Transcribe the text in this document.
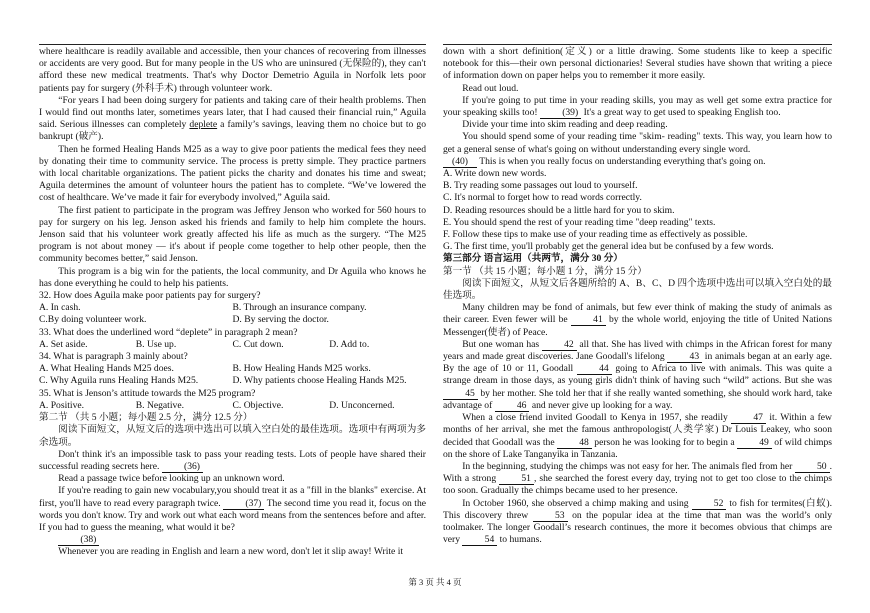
where healthcare is readily available and accessible, then your chances of recovering from illnesses or accidents are very good. But for many people in the US who are uninsured (无保险的), they can't afford these new medical treatments. That's why Doctor Demetrio Aguila in Norfolk lets poor patients pay for surgery (外科手术) through volunteer work.

“For years I had been doing surgery for patients and taking care of their health problems. Then I would find out months later, sometimes years later, that I had caused their financial ruin,” Aguila said. Serious illnesses can completely deplete a family’s savings, leaving them no choice but to go bankrupt (破产).

Then he formed Healing Hands M25 as a way to give poor patients the medical fees they need by donating their time to community service. The process is pretty simple. They practice partners with local charitable organizations. The patient picks the charity and donates his time and sweat; Aguila determines the amount of volunteer hours the patient has to complete. “We’ve lowered the cost of healthcare. We’ve made it fair for everybody involved,” Aguila said.

The first patient to participate in the program was Jeffrey Jenson who worked for 560 hours to pay for surgery on his leg. Jenson asked his friends and family to help him complete the hours. Jenson said that his volunteer work greatly affected his life as much as the surgery. “The M25 program is not about money — it's about if people come together to help other people, then the community becomes better,” said Jenson.

This program is a big win for the patients, the local community, and Dr Aguila who knows he has done everything he could to help his patients.

32. How does Aguila make poor patients pay for surgery?

A. In cash.	B. Through an insurance company.
C.By doing volunteer work.	D. By serving the doctor.

33. What does the underlined word “deplete” in paragraph 2 mean?

A. Set aside.	B. Use up.	C. Cut down.	D. Add to.

34. What is paragraph 3 mainly about?

A. What Healing Hands M25 does.	B. How Healing Hands M25 works.
C. Why Aguila runs Healing Hands M25.	D. Why patients choose Healing Hands M25.

35. What is Jenson’s attitude towards the M25 program?

A. Positive.	B. Negative.	C. Objective.	D. Unconcerned.

第二节 （共 5 小题；每小题 2.5 分，满分 12.5 分）

阅读下面短文，从短文后的选项中选出可以填入空白处的最佳选项。选项中有两项为多余选项。

Don't think it's an impossible task to pass your reading tests. Lots of people have shared their successful reading secrets here. (36)

Read a passage twice before looking up an unknown word.

If you're reading to gain new vocabulary,you should treat it as a "fill in the blanks" exercise. At first, you'll have to read every paragraph twice. (37) The second time you read it, focus on the words you don't know. Try and work out what each word means from the sentences before and after. If you had to guess the meaning, what would it be?

(38)

Whenever you are reading in English and learn a new word, don't let it slip away! Write it

down with a short definition(定义) or a little drawing. Some students like to keep a specific notebook for this—their own personal dictionaries! Several studies have shown that writing a piece of information down on paper helps you to remember it more easily.

Read out loud.

If you're going to put time in your reading skills, you may as well get some extra practice for your speaking skills too! (39) It's a great way to get used to speaking English too.

Divide your time into skim reading and deep reading.

You should spend some of your reading time "skim- reading" texts. This way, you learn how to get a general sense of what's going on without understanding every single word.

(40) This is when you really focus on understanding everything that's going on.

A. Write down new words.

B. Try reading some passages out loud to yourself.

C. It's normal to forget how to read words correctly.

D. Reading resources should be a little hard for you to skim.

E. You should spend the rest of your reading time "deep reading" texts.

F. Follow these tips to make use of your reading time as effectively as possible.

G. The first time, you'll probably get the general idea but be confused by a few words.

第三部分 语言运用（共两节，满分 30 分）

第一节 （共 15 小题；每小题 1 分，满分 15 分）

阅读下面短文，从短文后各题所给的 A、B、C、D 四个选项中选出可以填入空白处的最佳选项。

Many children may be fond of animals, but few ever think of making the study of animals as their career. Even fewer will be 41 by the whole world, enjoying the title of United Nations Messenger(使者) of Peace.

But one woman has 42 all that. She has lived with chimps in the African forest for many years and made great discoveries. Jane Goodall's lifelong 43 in animals began at an early age. By the age of 10 or 11, Goodall 44 going to Africa to live with animals. This was quite a strange dream in those days, as young girls didn't think of having such “wild” actions. But she was 45 by her mother. She told her that if she really wanted something, she should work hard, take advantage of 46 and never give up looking for a way.

When a close friend invited Goodall to Kenya in 1957, she readily 47 it. Within a few months of her arrival, she met the famous anthropologist(人类学家) Dr Louis Leakey, who soon decided that Goodall was the 48 person he was looking for to begin a 49 of wild chimps on the shore of Lake Tanganyika in Tanzania.

In the beginning, studying the chimps was not easy for her. The animals fled from her 50 . With a strong 51 , she searched the forest every day, trying not to get too close to the chimps too soon. Gradually the chimps became used to her presence.

In October 1960, she observed a chimp making and using 52 to fish for termites(白蚁). This discovery threw 53 on the popular idea at the time that man was the world’s only toolmaker. The longer Goodall’s research continues, the more it becomes obvious that chimps are very 54 to humans.

第 3 页 共 4 页
